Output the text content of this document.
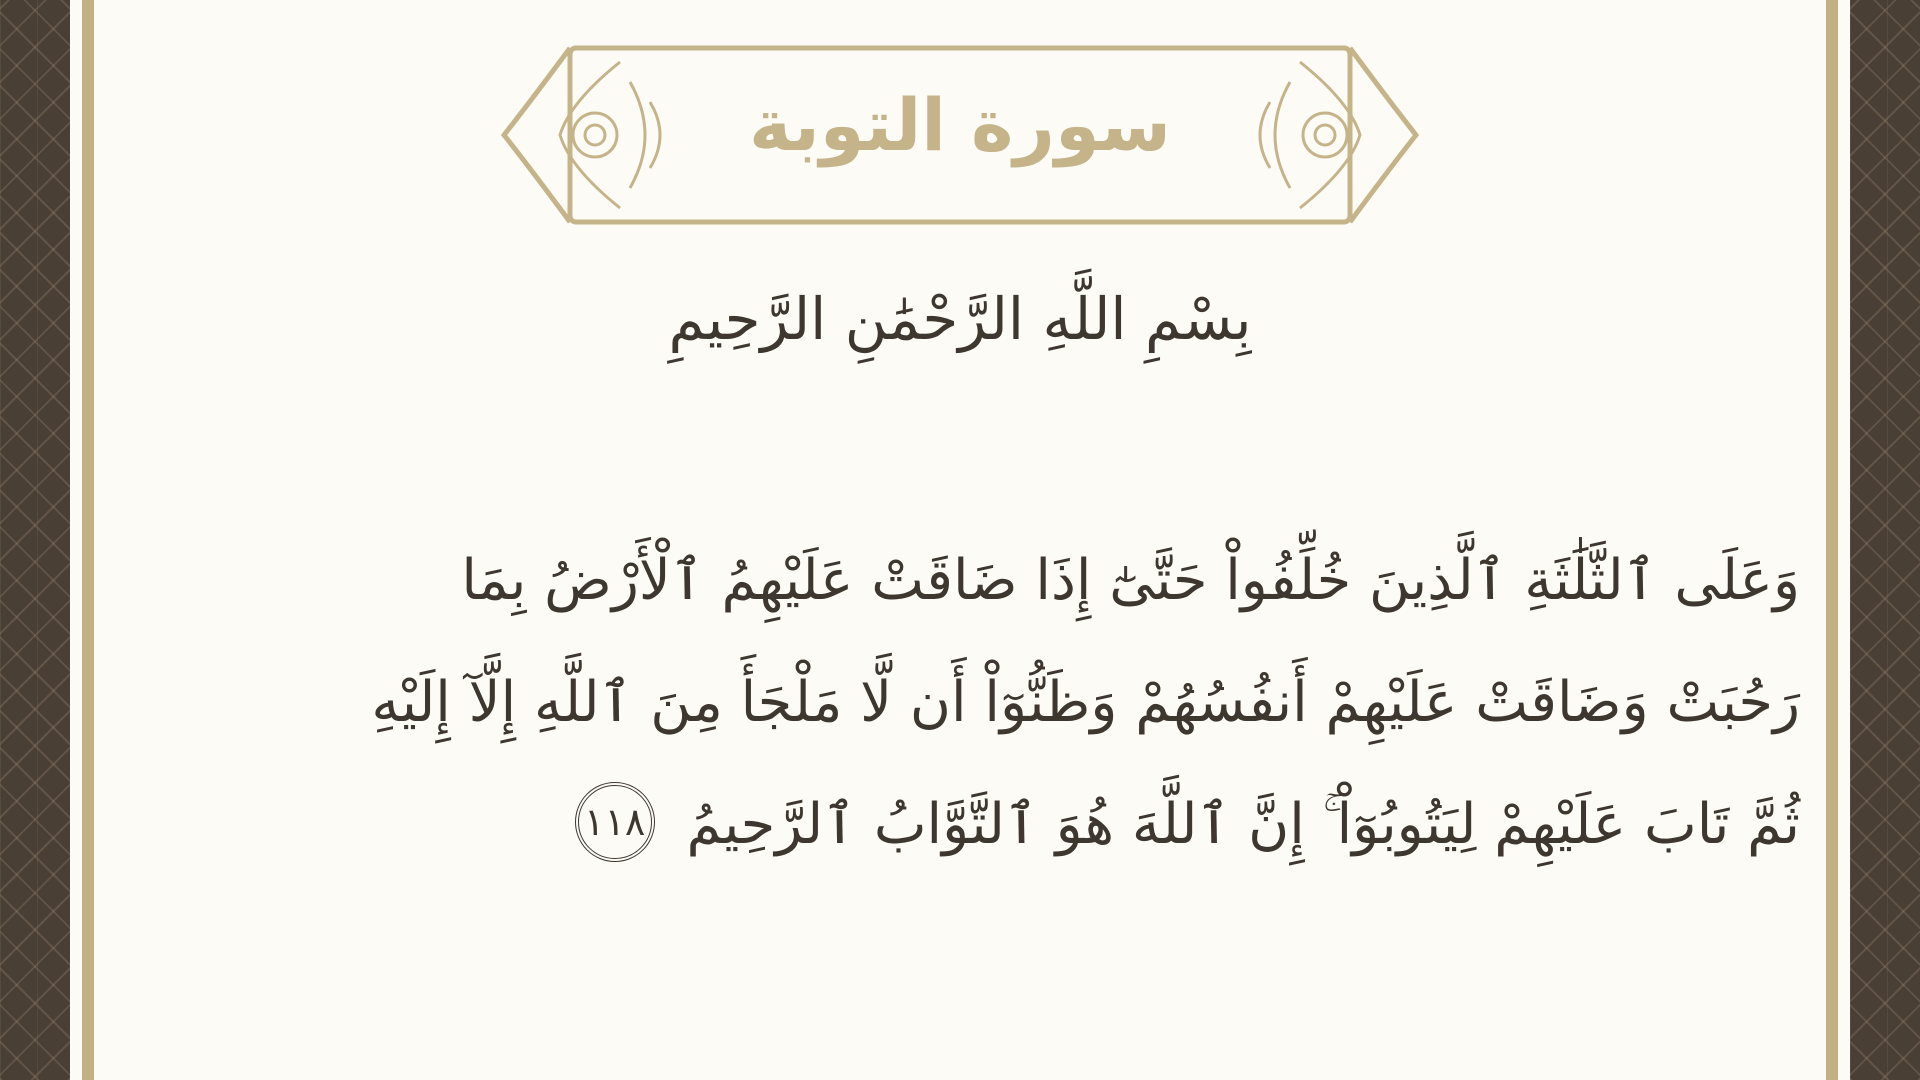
سورة التوبة
بِسْمِ اللَّهِ الرَّحْمَٰنِ الرَّحِيمِ
وَعَلَى ٱلثَّلَٰثَةِ ٱلَّذِينَ خُلِّفُواْ حَتَّىٰٓ إِذَا ضَاقَتْ عَلَيْهِمُ ٱلْأَرْضُ بِمَا
رَحُبَتْ وَضَاقَتْ عَلَيْهِمْ أَنفُسُهُمْ وَظَنُّوٓاْ أَن لَّا مَلْجَأَ مِنَ ٱللَّهِ إِلَّآ إِلَيْهِ
ثُمَّ تَابَ عَلَيْهِمْ لِيَتُوبُوٓاْ ۚ إِنَّ ٱللَّهَ هُوَ ٱلتَّوَّابُ ٱلرَّحِيمُ ١١٨
